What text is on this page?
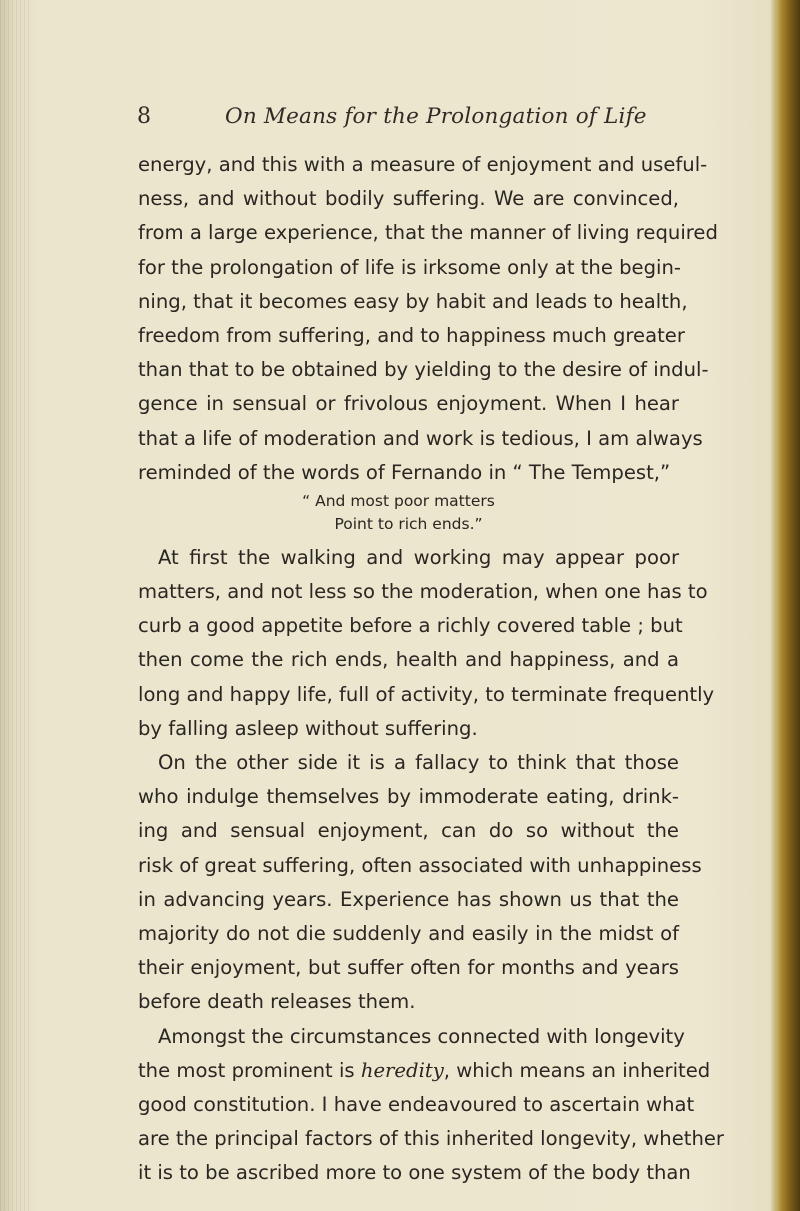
8	On Means for the Prolongation of Life
energy, and this with a measure of enjoyment and useful-
ness, and without bodily suffering. We are convinced,
from a large experience, that the manner of living required
for the prolongation of life is irksome only at the begin-
ning, that it becomes easy by habit and leads to health,
freedom from suffering, and to happiness much greater
than that to be obtained by yielding to the desire of indul-
gence in sensual or frivolous enjoyment. When I hear
that a life of moderation and work is tedious, I am always
reminded of the words of Fernando in “ The Tempest,”
“ And most poor matters
Point to rich ends.”
At first the walking and working may appear poor
matters, and not less so the moderation, when one has to
curb a good appetite before a richly covered table ; but
then come the rich ends, health and happiness, and a
long and happy life, full of activity, to terminate frequently
by falling asleep without suffering.
On the other side it is a fallacy to think that those
who indulge themselves by immoderate eating, drink-
ing and sensual enjoyment, can do so without the
risk of great suffering, often associated with unhappiness
in advancing years. Experience has shown us that the
majority do not die suddenly and easily in the midst of
their enjoyment, but suffer often for months and years
before death releases them.
Amongst the circumstances connected with longevity
the most prominent is heredity, which means an inherited
good constitution. I have endeavoured to ascertain what
are the principal factors of this inherited longevity, whether
it is to be ascribed more to one system of the body than
